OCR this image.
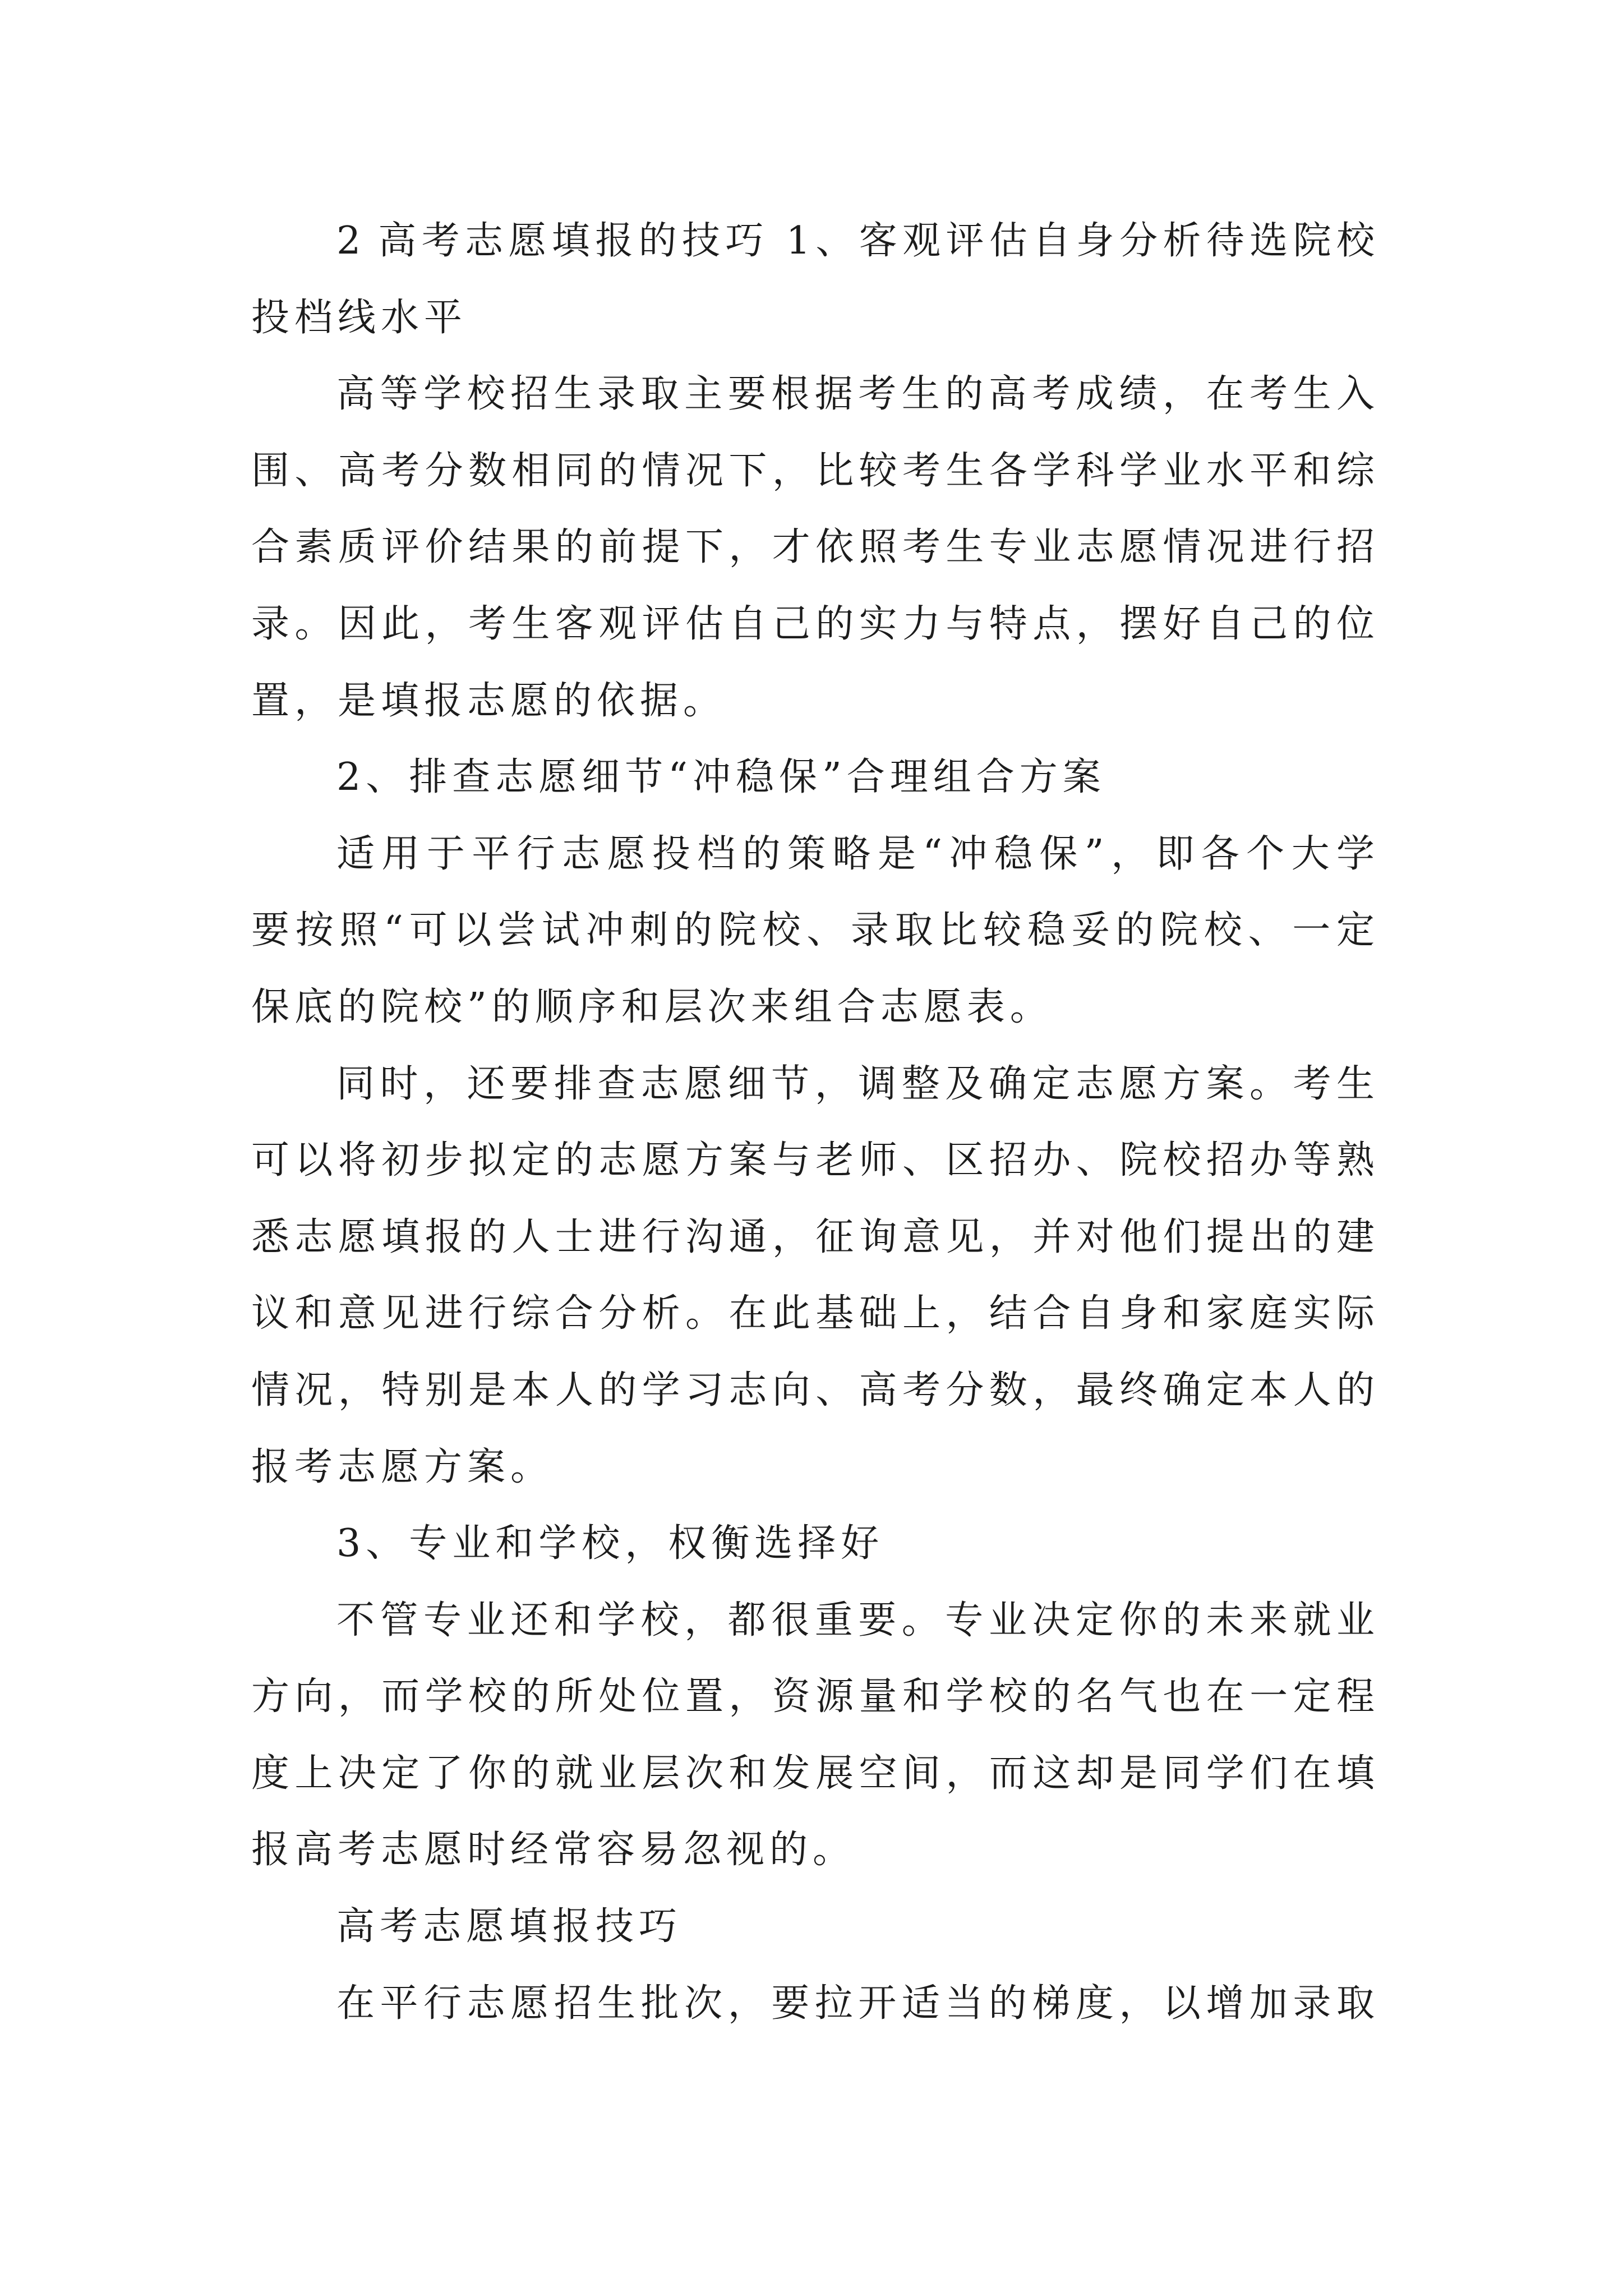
2 高考志愿填报的技巧 1、客观评估自身分析待选院校
投档线水平
高等学校招生录取主要根据考生的高考成绩，在考生入
围、高考分数相同的情况下，比较考生各学科学业水平和综
合素质评价结果的前提下，才依照考生专业志愿情况进行招
录。因此，考生客观评估自己的实力与特点，摆好自己的位
置，是填报志愿的依据。
2、排查志愿细节“冲稳保”合理组合方案
适用于平行志愿投档的策略是“冲稳保”，即各个大学
要按照“可以尝试冲刺的院校、录取比较稳妥的院校、一定
保底的院校”的顺序和层次来组合志愿表。
同时，还要排查志愿细节，调整及确定志愿方案。考生
可以将初步拟定的志愿方案与老师、区招办、院校招办等熟
悉志愿填报的人士进行沟通，征询意见，并对他们提出的建
议和意见进行综合分析。在此基础上，结合自身和家庭实际
情况，特别是本人的学习志向、高考分数，最终确定本人的
报考志愿方案。
3、专业和学校，权衡选择好
不管专业还和学校，都很重要。专业决定你的未来就业
方向，而学校的所处位置，资源量和学校的名气也在一定程
度上决定了你的就业层次和发展空间，而这却是同学们在填
报高考志愿时经常容易忽视的。
高考志愿填报技巧
在平行志愿招生批次，要拉开适当的梯度，以增加录取
